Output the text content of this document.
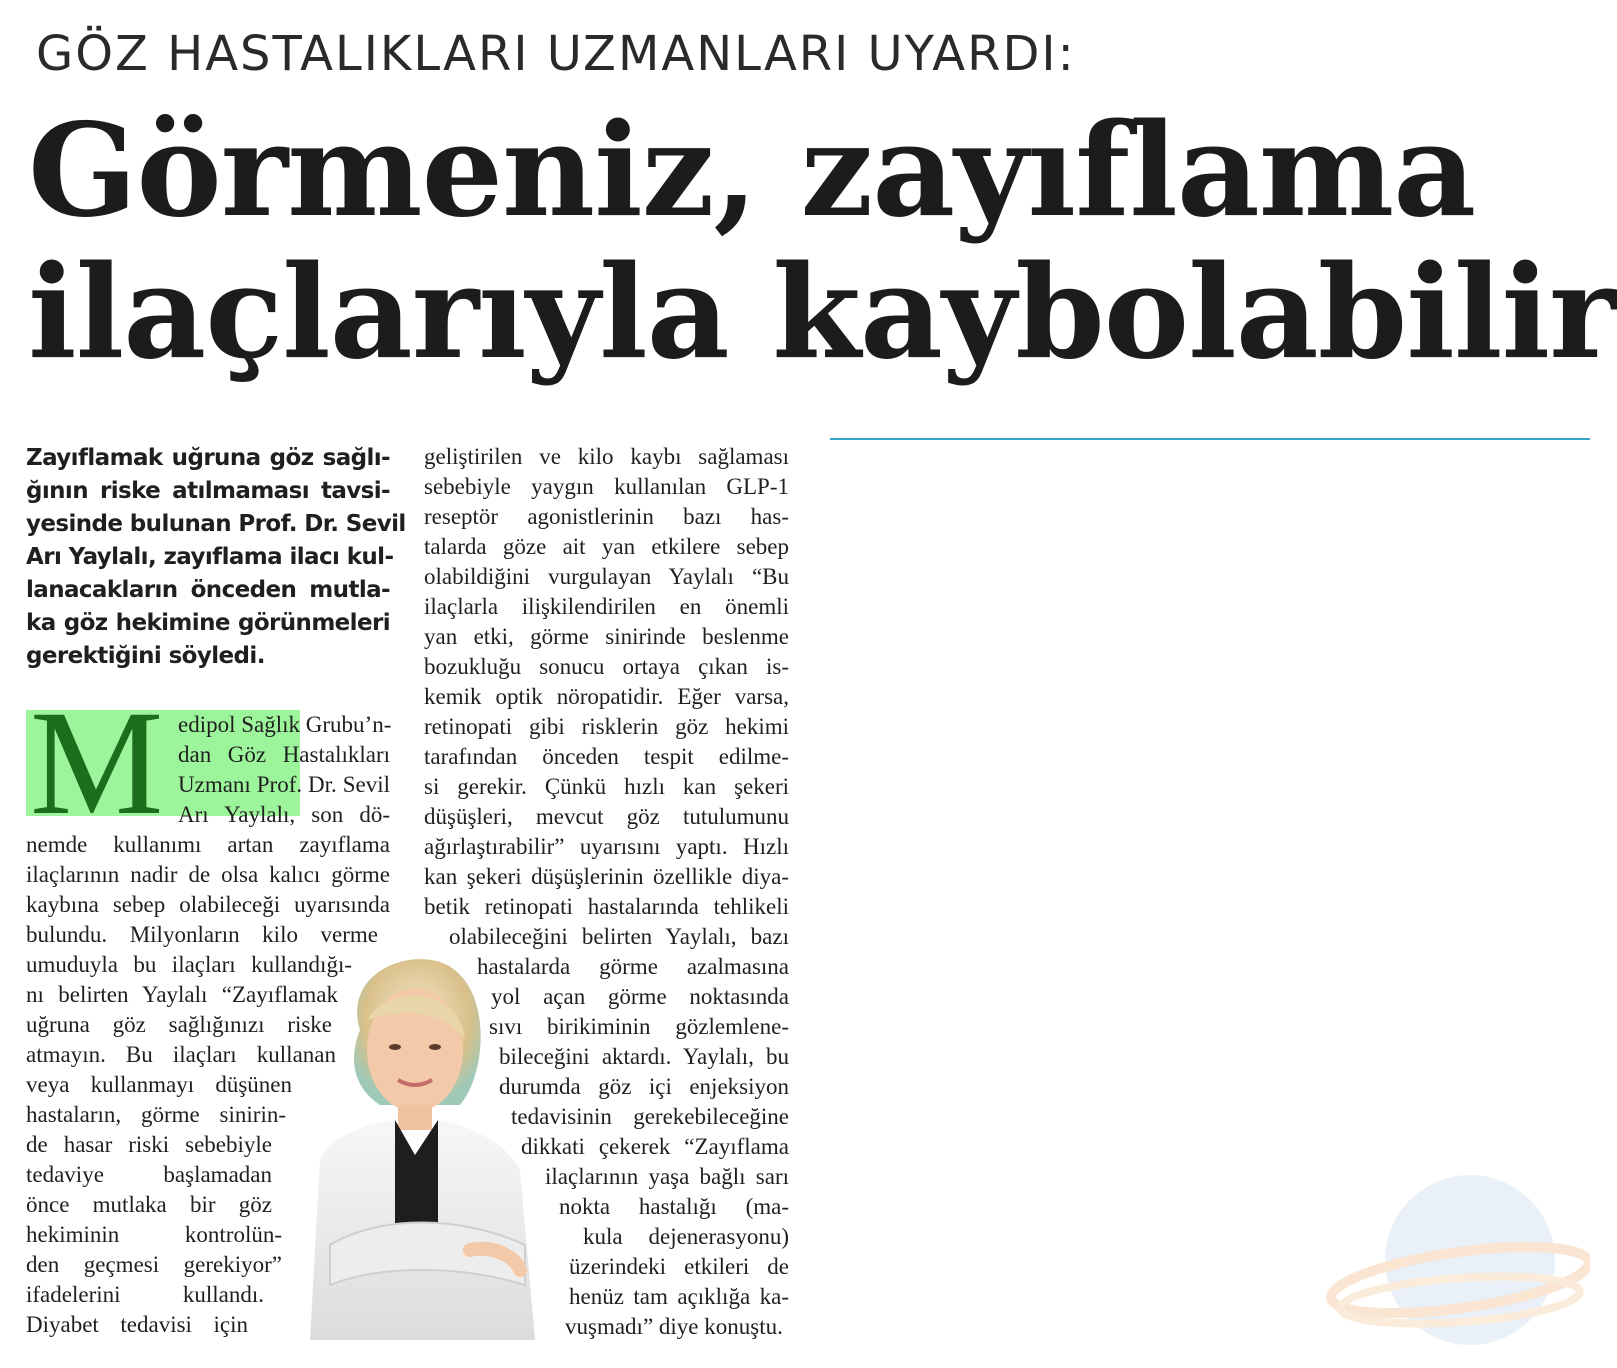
GÖZ HASTALIKLARI UZMANLARI UYARDI:
Görmeniz, zayıflama
ilaçlarıyla kaybolabilir
Zayıflamak uğruna göz sağlı-
ğının riske atılmaması tavsi-
yesinde bulunan Prof. Dr. Sevil
Arı Yaylalı, zayıflama ilacı kul-
lanacakların önceden mutla-
ka göz hekimine görünmeleri
gerektiğini söyledi.
M edipol Sağlık Grubu’n-
dan Göz Hastalıkları
Uzmanı Prof. Dr. Sevil
Arı Yaylalı, son dö-
nemde kullanımı artan zayıflama
ilaçlarının nadir de olsa kalıcı görme
kaybına sebep olabileceği uyarısında
bulundu. Milyonların kilo verme
umuduyla bu ilaçları kullandığı-
nı belirten Yaylalı “Zayıflamak
uğruna göz sağlığınızı riske
atmayın. Bu ilaçları kullanan
veya kullanmayı düşünen
hastaların, görme sinirin-
de hasar riski sebebiyle
tedaviye başlamadan
önce mutlaka bir göz
hekiminin kontrolün-
den geçmesi gerekiyor”
ifadelerini kullandı.
Diyabet tedavisi için
geliştirilen ve kilo kaybı sağlaması
sebebiyle yaygın kullanılan GLP-1
reseptör agonistlerinin bazı has-
talarda göze ait yan etkilere sebep
olabildiğini vurgulayan Yaylalı “Bu
ilaçlarla ilişkilendirilen en önemli
yan etki, görme sinirinde beslenme
bozukluğu sonucu ortaya çıkan is-
kemik optik nöropatidir. Eğer varsa,
retinopati gibi risklerin göz hekimi
tarafından önceden tespit edilme-
si gerekir. Çünkü hızlı kan şekeri
düşüşleri, mevcut göz tutulumunu
ağırlaştırabilir” uyarısını yaptı. Hızlı
kan şekeri düşüşlerinin özellikle diya-
betik retinopati hastalarında tehlikeli
olabileceğini belirten Yaylalı, bazı
hastalarda görme azalmasına
yol açan görme noktasında
sıvı birikiminin gözlemlene-
bileceğini aktardı. Yaylalı, bu
durumda göz içi enjeksiyon
tedavisinin gerekebileceğine
dikkati çekerek “Zayıflama
ilaçlarının yaşa bağlı sarı
nokta hastalığı (ma-
kula dejenerasyonu)
üzerindeki etkileri de
henüz tam açıklığa ka-
vuşmadı” diye konuştu.
